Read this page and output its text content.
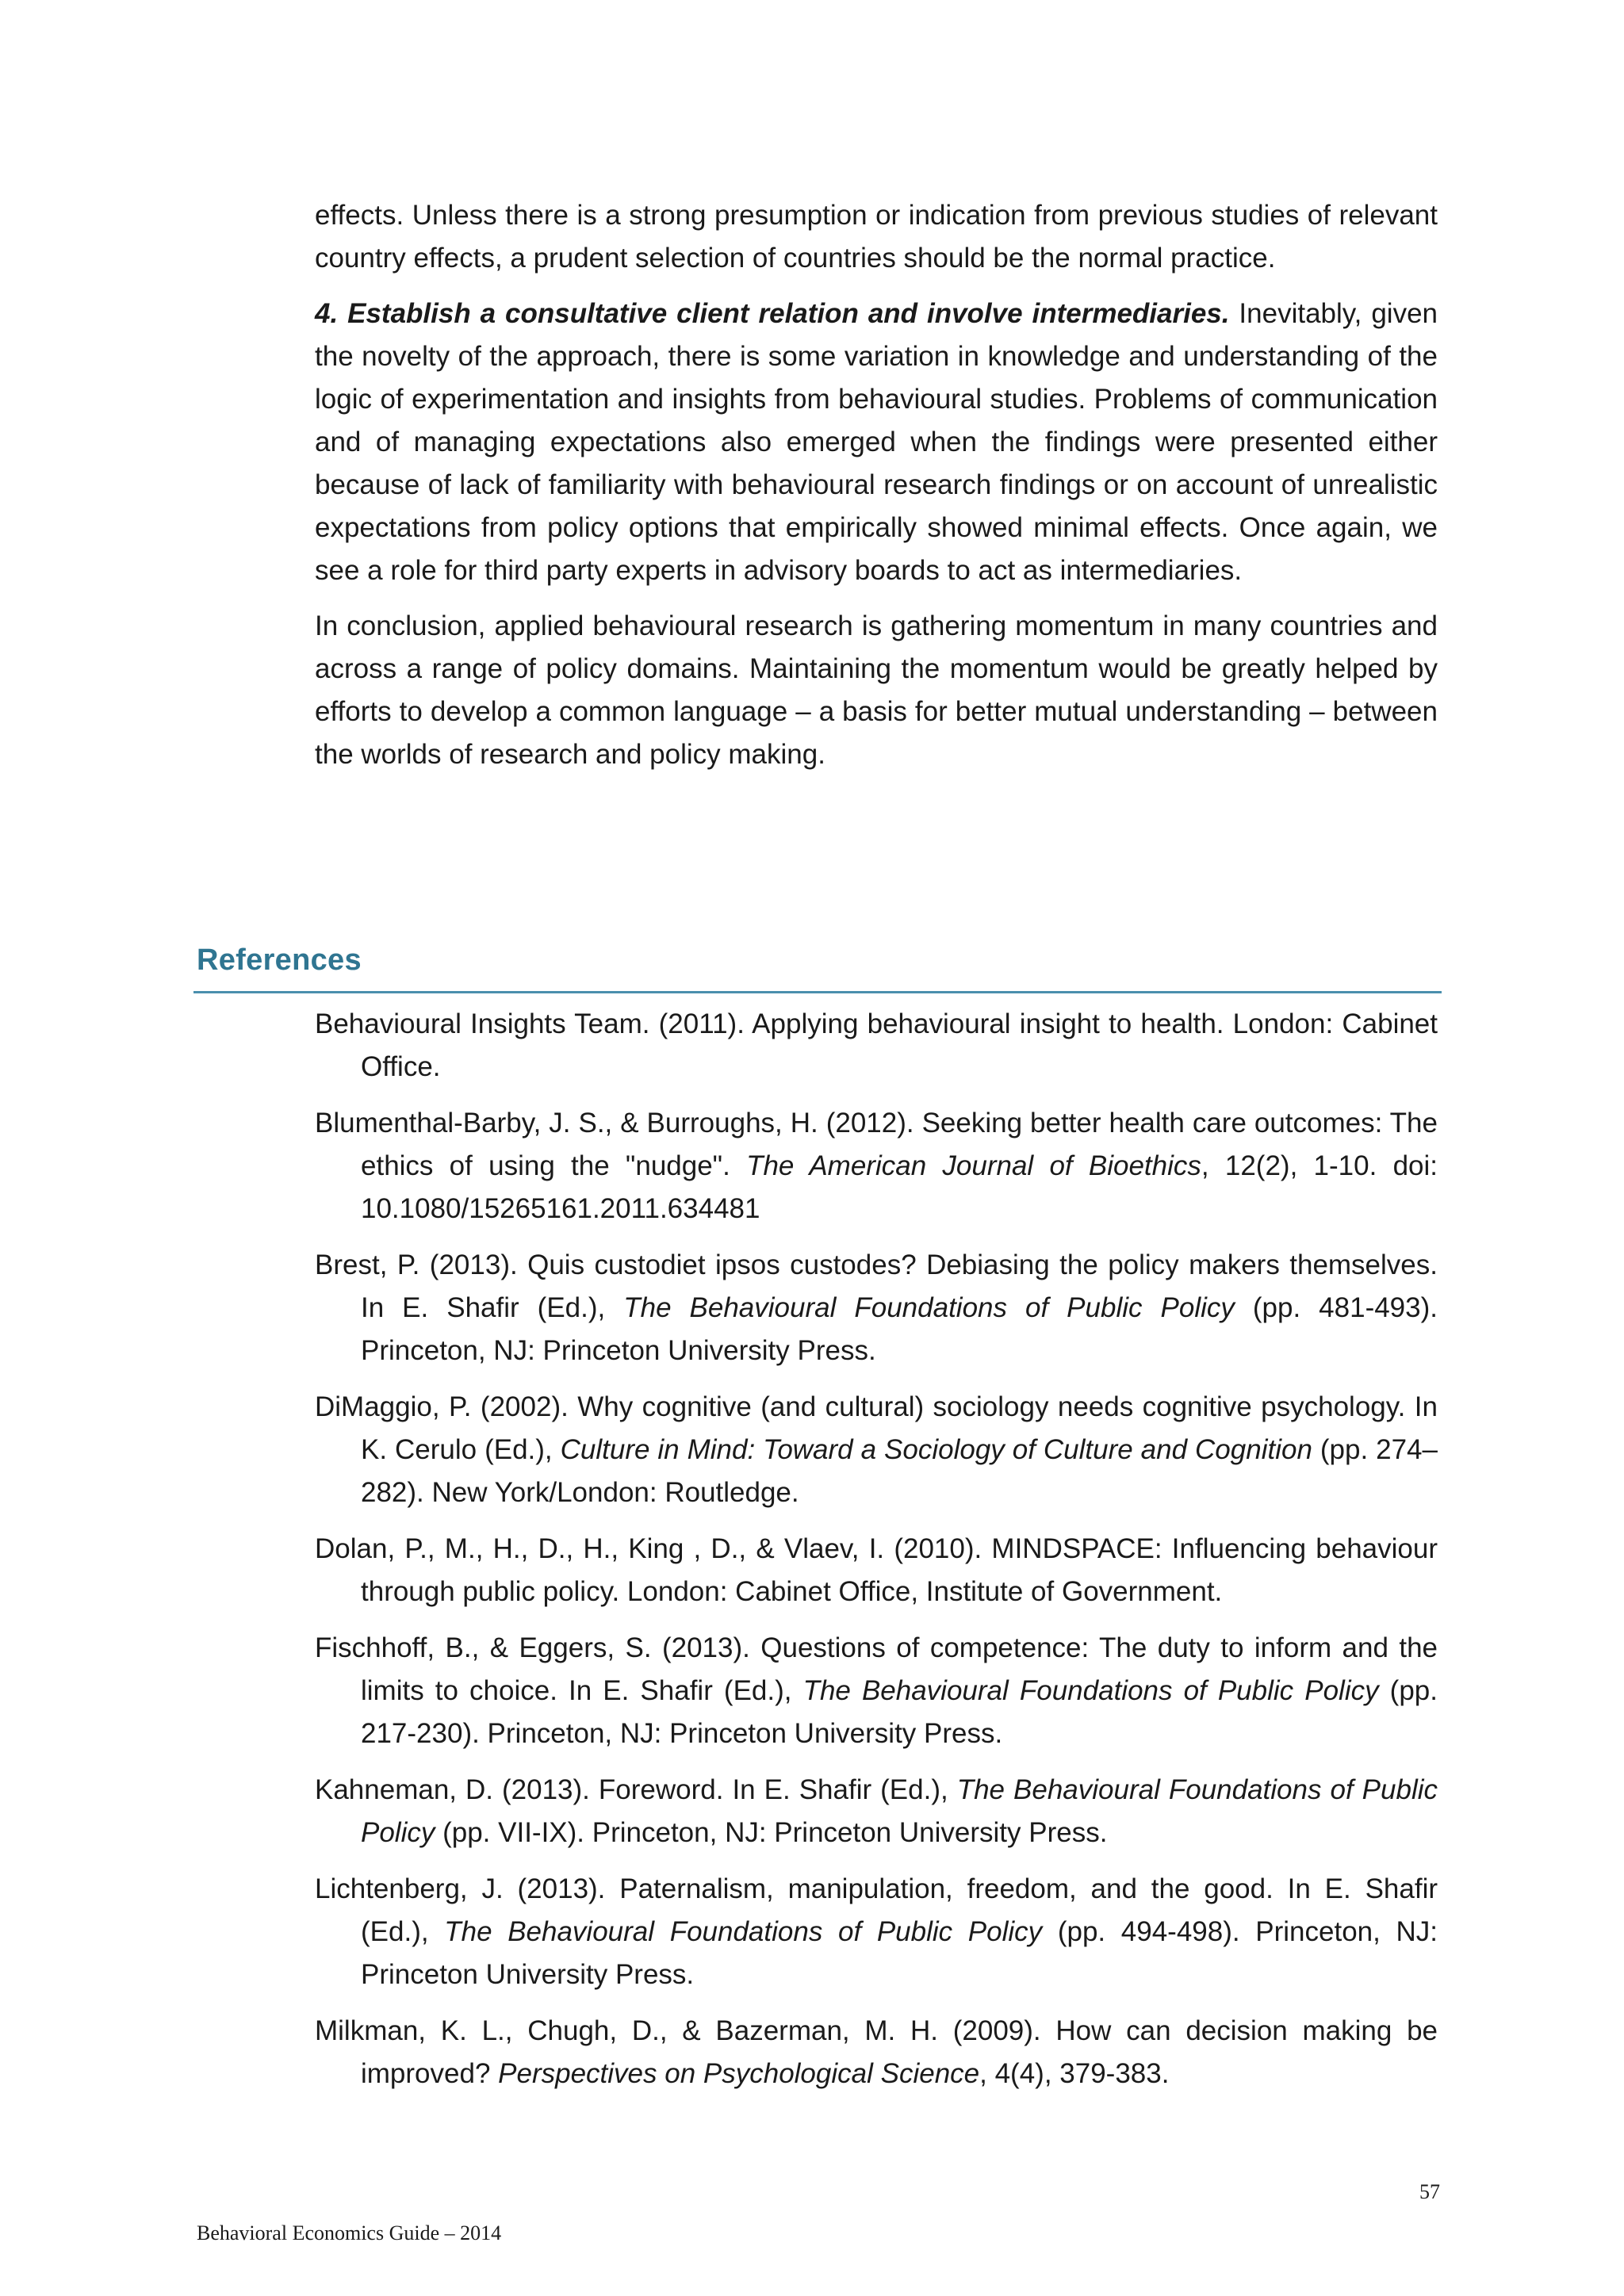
effects. Unless there is a strong presumption or indication from previous studies of relevant country effects, a prudent selection of countries should be the normal practice.

4. Establish a consultative client relation and involve intermediaries. Inevitably, given the novelty of the approach, there is some variation in knowledge and understanding of the logic of experimentation and insights from behavioural studies. Problems of communication and of managing expectations also emerged when the findings were presented either because of lack of familiarity with behavioural research findings or on account of unrealistic expectations from policy options that empirically showed minimal effects. Once again, we see a role for third party experts in advisory boards to act as intermediaries.

In conclusion, applied behavioural research is gathering momentum in many countries and across a range of policy domains. Maintaining the momentum would be greatly helped by efforts to develop a common language – a basis for better mutual understanding – between the worlds of research and policy making.

References
Behavioural Insights Team. (2011). Applying behavioural insight to health. London: Cabinet Office.
Blumenthal-Barby, J. S., & Burroughs, H. (2012). Seeking better health care outcomes: The ethics of using the "nudge". The American Journal of Bioethics, 12(2), 1-10. doi: 10.1080/15265161.2011.634481
Brest, P. (2013). Quis custodiet ipsos custodes? Debiasing the policy makers themselves. In E. Shafir (Ed.), The Behavioural Foundations of Public Policy (pp. 481-493). Princeton, NJ: Princeton University Press.
DiMaggio, P. (2002). Why cognitive (and cultural) sociology needs cognitive psychology. In K. Cerulo (Ed.), Culture in Mind: Toward a Sociology of Culture and Cognition (pp. 274–282). New York/London: Routledge.
Dolan, P., M., H., D., H., King , D., & Vlaev, I. (2010). MINDSPACE: Influencing behaviour through public policy. London: Cabinet Office, Institute of Government.
Fischhoff, B., & Eggers, S. (2013). Questions of competence: The duty to inform and the limits to choice. In E. Shafir (Ed.), The Behavioural Foundations of Public Policy (pp. 217-230). Princeton, NJ: Princeton University Press.
Kahneman, D. (2013). Foreword. In E. Shafir (Ed.), The Behavioural Foundations of Public Policy (pp. VII-IX). Princeton, NJ: Princeton University Press.
Lichtenberg, J. (2013). Paternalism, manipulation, freedom, and the good. In E. Shafir (Ed.), The Behavioural Foundations of Public Policy (pp. 494-498). Princeton, NJ: Princeton University Press.
Milkman, K. L., Chugh, D., & Bazerman, M. H. (2009). How can decision making be improved? Perspectives on Psychological Science, 4(4), 379-383.
57
Behavioral Economics Guide – 2014
